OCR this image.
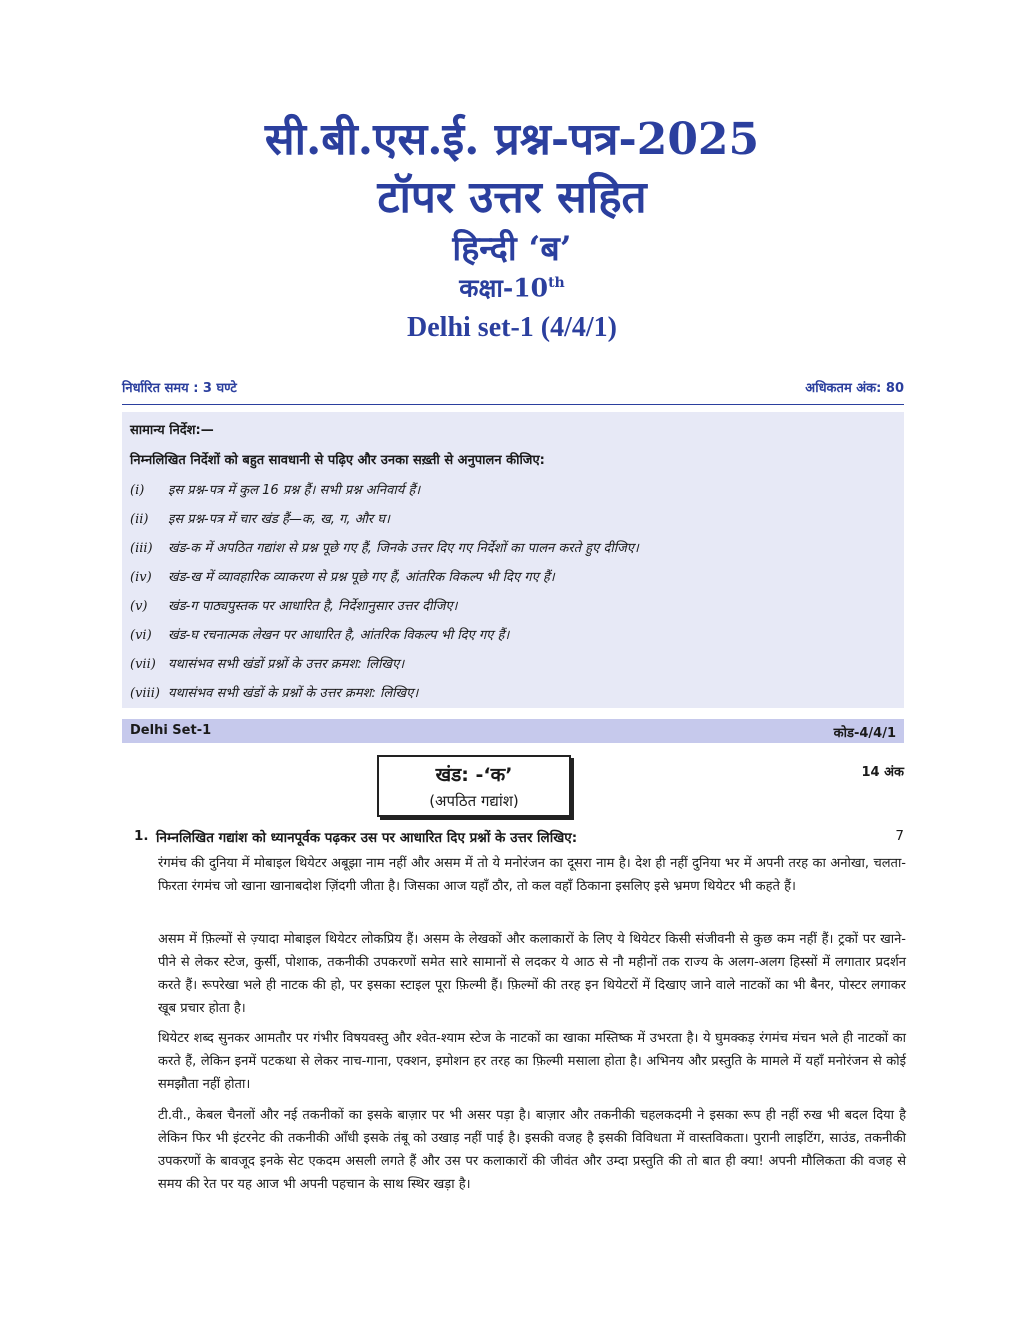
सी.बी.एस.ई. प्रश्न-पत्र-2025
टॉपर उत्तर सहित
हिन्दी ‘ब’
कक्षा-10th
Delhi set-1 (4/4/1)
निर्धारित समय : 3 घण्टे	अधिकतम अंक: 80
सामान्य निर्देश:—
निम्नलिखित निर्देशों को बहुत सावधानी से पढ़िए और उनका सख़्ती से अनुपालन कीजिए:
(i) इस प्रश्न-पत्र में कुल 16 प्रश्न हैं। सभी प्रश्न अनिवार्य हैं।
(ii) इस प्रश्न-पत्र में चार खंड हैं—क, ख, ग, और घ।
(iii) खंड-क में अपठित गद्यांश से प्रश्न पूछे गए हैं, जिनके उत्तर दिए गए निर्देशों का पालन करते हुए दीजिए।
(iv) खंड-ख में व्यावहारिक व्याकरण से प्रश्न पूछे गए हैं, आंतरिक विकल्प भी दिए गए हैं।
(v) खंड-ग पाठ्यपुस्तक पर आधारित है, निर्देशानुसार उत्तर दीजिए।
(vi) खंड-घ रचनात्मक लेखन पर आधारित है, आंतरिक विकल्प भी दिए गए हैं।
(vii) यथासंभव सभी खंडों प्रश्नों के उत्तर क्रमश: लिखिए।
(viii) यथासंभव सभी खंडों के प्रश्नों के उत्तर क्रमश: लिखिए।
Delhi Set-1	कोड-4/4/1
खंड: -‘क’
(अपठित गद्यांश)
14 अंक
1. निम्नलिखित गद्यांश को ध्यानपूर्वक पढ़कर उस पर आधारित दिए प्रश्नों के उत्तर लिखिए:	7
रंगमंच की दुनिया में मोबाइल थियेटर अबूझा नाम नहीं और असम में तो ये मनोरंजन का दूसरा नाम है। देश ही नहीं दुनिया भर में अपनी तरह का अनोखा, चलता-फिरता रंगमंच जो खाना खानाबदोश ज़िंदगी जीता है। जिसका आज यहाँ ठौर, तो कल वहाँ ठिकाना इसलिए इसे भ्रमण थियेटर भी कहते हैं।
असम में फ़िल्मों से ज़्यादा मोबाइल थियेटर लोकप्रिय हैं। असम के लेखकों और कलाकारों के लिए ये थियेटर किसी संजीवनी से कुछ कम नहीं हैं। ट्रकों पर खाने-पीने से लेकर स्टेज, कुर्सी, पोशाक, तकनीकी उपकरणों समेत सारे सामानों से लदकर ये आठ से नौ महीनों तक राज्य के अलग-अलग हिस्सों में लगातार प्रदर्शन करते हैं। रूपरेखा भले ही नाटक की हो, पर इसका स्टाइल पूरा फ़िल्मी हैं। फ़िल्मों की तरह इन थियेटरों में दिखाए जाने वाले नाटकों का भी बैनर, पोस्टर लगाकर खूब प्रचार होता है।
थियेटर शब्द सुनकर आमतौर पर गंभीर विषयवस्तु और श्वेत-श्याम स्टेज के नाटकों का खाका मस्तिष्क में उभरता है। ये घुमक्कड़ रंगमंच मंचन भले ही नाटकों का करते हैं, लेकिन इनमें पटकथा से लेकर नाच-गाना, एक्शन, इमोशन हर तरह का फ़िल्मी मसाला होता है। अभिनय और प्रस्तुति के मामले में यहाँ मनोरंजन से कोई समझौता नहीं होता।
टी.वी., केबल चैनलों और नई तकनीकों का इसके बाज़ार पर भी असर पड़ा है। बाज़ार और तकनीकी चहलकदमी ने इसका रूप ही नहीं रुख भी बदल दिया है लेकिन फिर भी इंटरनेट की तकनीकी आँधी इसके तंबू को उखाड़ नहीं पाई है। इसकी वजह है इसकी विविधता में वास्तविकता। पुरानी लाइटिंग, साउंड, तकनीकी उपकरणों के बावजूद इनके सेट एकदम असली लगते हैं और उस पर कलाकारों की जीवंत और उम्दा प्रस्तुति की तो बात ही क्या! अपनी मौलिकता की वजह से समय की रेत पर यह आज भी अपनी पहचान के साथ स्थिर खड़ा है।
